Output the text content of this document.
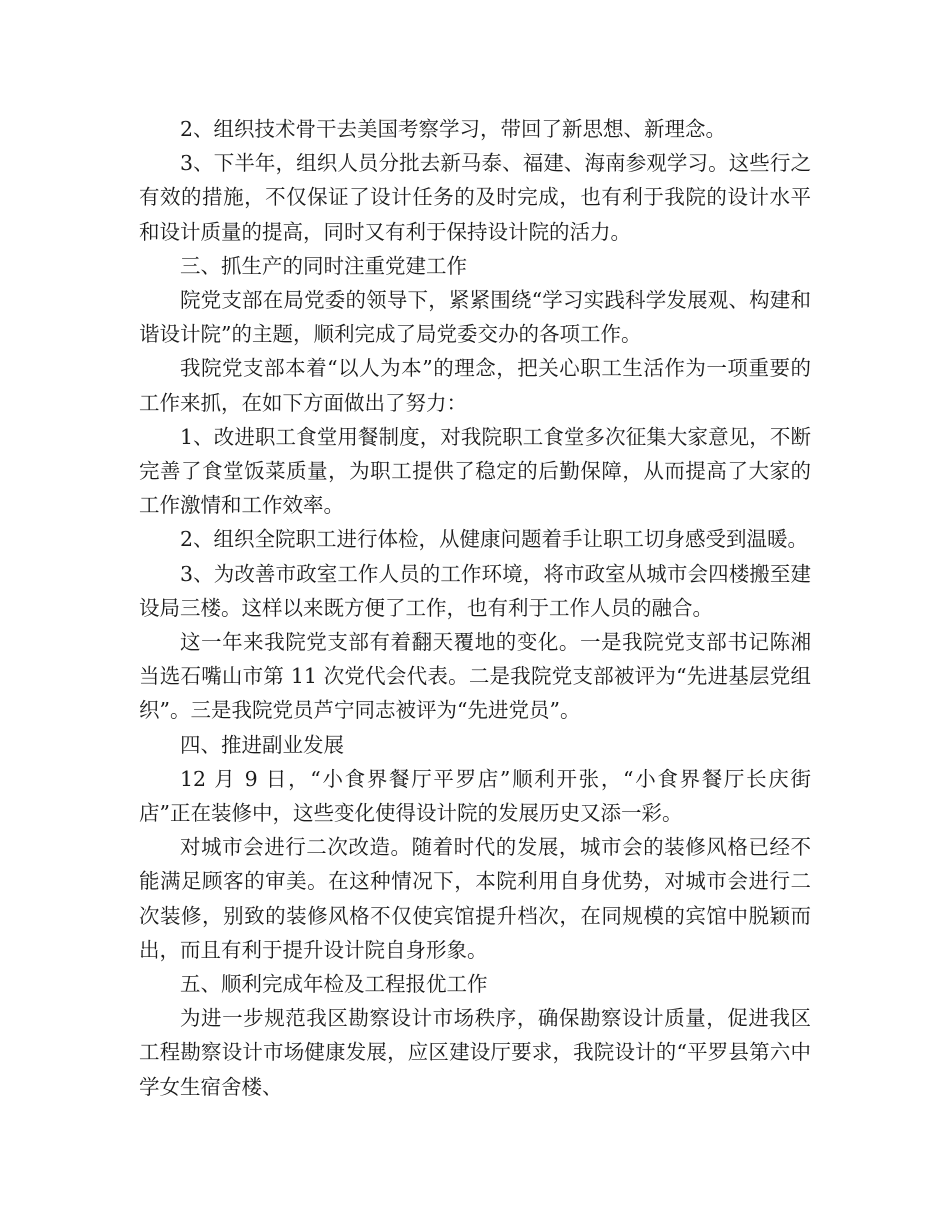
2、组织技术骨干去美国考察学习，带回了新思想、新理念。

3、下半年，组织人员分批去新马泰、福建、海南参观学习。这些行之有效的措施，不仅保证了设计任务的及时完成，也有利于我院的设计水平和设计质量的提高，同时又有利于保持设计院的活力。

三、抓生产的同时注重党建工作

院党支部在局党委的领导下，紧紧围绕“学习实践科学发展观、构建和谐设计院”的主题，顺利完成了局党委交办的各项工作。

我院党支部本着“以人为本”的理念，把关心职工生活作为一项重要的工作来抓，在如下方面做出了努力：

1、改进职工食堂用餐制度，对我院职工食堂多次征集大家意见，不断完善了食堂饭菜质量，为职工提供了稳定的后勤保障，从而提高了大家的工作激情和工作效率。

2、组织全院职工进行体检，从健康问题着手让职工切身感受到温暖。

3、为改善市政室工作人员的工作环境，将市政室从城市会四楼搬至建设局三楼。这样以来既方便了工作，也有利于工作人员的融合。

这一年来我院党支部有着翻天覆地的变化。一是我院党支部书记陈湘当选石嘴山市第 11 次党代会代表。二是我院党支部被评为“先进基层党组织”。三是我院党员芦宁同志被评为“先进党员”。

四、推进副业发展

12 月 9 日，“小食界餐厅平罗店”顺利开张，“小食界餐厅长庆街店”正在装修中，这些变化使得设计院的发展历史又添一彩。

对城市会进行二次改造。随着时代的发展，城市会的装修风格已经不能满足顾客的审美。在这种情况下，本院利用自身优势，对城市会进行二次装修，别致的装修风格不仅使宾馆提升档次，在同规模的宾馆中脱颖而出，而且有利于提升设计院自身形象。

五、顺利完成年检及工程报优工作

为进一步规范我区勘察设计市场秩序，确保勘察设计质量，促进我区工程勘察设计市场健康发展，应区建设厅要求，我院设计的“平罗县第六中学女生宿舍楼、
